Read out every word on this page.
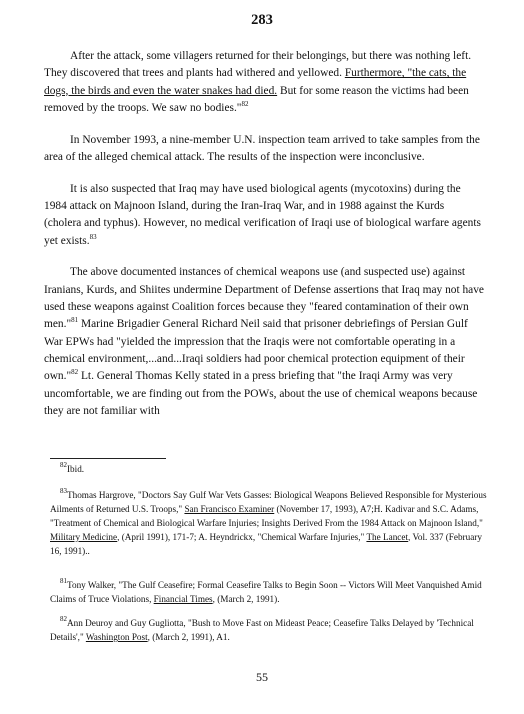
283

After the attack, some villagers returned for their belongings, but there was nothing left. They discovered that trees and plants had withered and yellowed. Furthermore, "the cats, the dogs, the birds and even the water snakes had died. But for some reason the victims had been removed by the troops. We saw no bodies."$^{82}$

In November 1993, a nine-member U.N. inspection team arrived to take samples from the area of the alleged chemical attack. The results of the inspection were inconclusive.

It is also suspected that Iraq may have used biological agents (mycotoxins) during the 1984 attack on Majnoon Island, during the Iran-Iraq War, and in 1988 against the Kurds (cholera and typhus). However, no medical verification of Iraqi use of biological warfare agents yet exists.$^{83}$

The above documented instances of chemical weapons use (and suspected use) against Iranians, Kurds, and Shiites undermine Department of Defense assertions that Iraq may not have used these weapons against Coalition forces because they "feared contamination of their own men."$^{81}$ Marine Brigadier General Richard Neil said that prisoner debriefings of Persian Gulf War EPWs had "yielded the impression that the Iraqis were not comfortable operating in a chemical environment,...and...Iraqi soldiers had poor chemical protection equipment of their own."$^{82}$ Lt. General Thomas Kelly stated in a press briefing that "the Iraqi Army was very uncomfortable, we are finding out from the POWs, about the use of chemical weapons because they are not familiar with

$^{82}$Ibid.

$^{83}$Thomas Hargrove, "Doctors Say Gulf War Vets Gasses: Biological Weapons Believed Responsible for Mysterious Ailments of Returned U.S. Troops," San Francisco Examiner (November 17, 1993), A7;H. Kadivar and S.C. Adams, "Treatment of Chemical and Biological Warfare Injuries; Insights Derived From the 1984 Attack on Majnoon Island," Military Medicine, (April 1991), 171-7; A. Heyndrickx, "Chemical Warfare Injuries," The Lancet, Vol. 337 (February 16, 1991)..

$^{81}$Tony Walker, "The Gulf Ceasefire; Formal Ceasefire Talks to Begin Soon -- Victors Will Meet Vanquished Amid Claims of Truce Violations, Financial Times, (March 2, 1991).

$^{82}$Ann Deuroy and Guy Gugliotta, "Bush to Move Fast on Mideast Peace; Ceasefire Talks Delayed by 'Technical Details'," Washington Post, (March 2, 1991), A1.

55
